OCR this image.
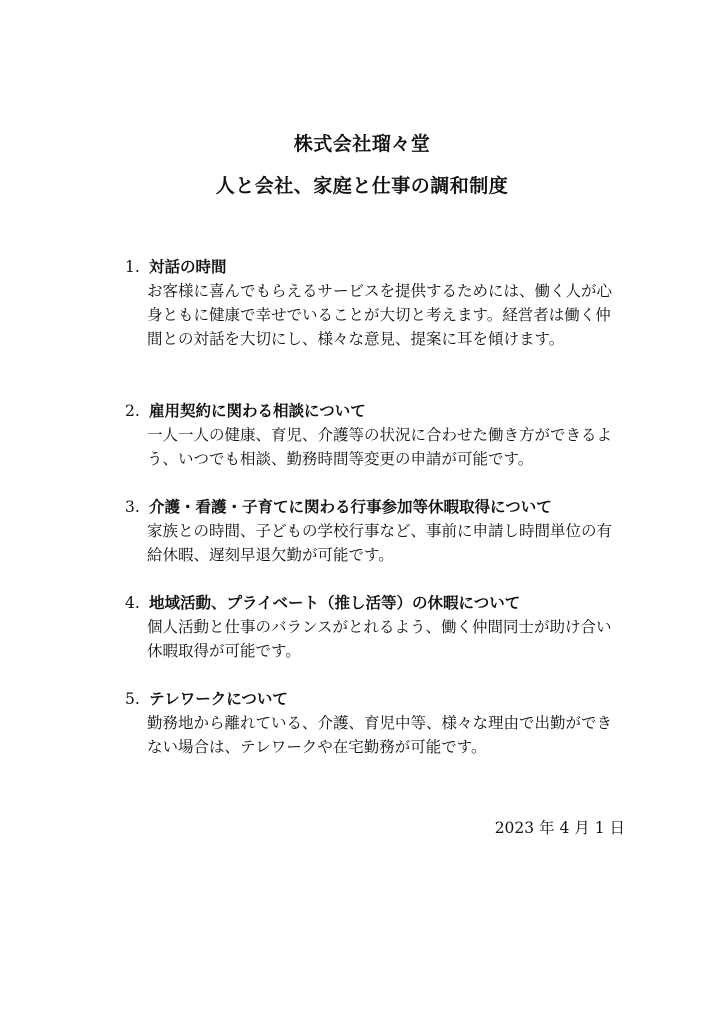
株式会社瑠々堂
人と会社、家庭と仕事の調和制度
1. 対話の時間
お客様に喜んでもらえるサービスを提供するためには、働く人が心身ともに健康で幸せでいることが大切と考えます。経営者は働く仲間との対話を大切にし、様々な意見、提案に耳を傾けます。
2. 雇用契約に関わる相談について
一人一人の健康、育児、介護等の状況に合わせた働き方ができるよう、いつでも相談、勤務時間等変更の申請が可能です。
3. 介護・看護・子育てに関わる行事参加等休暇取得について
家族との時間、子どもの学校行事など、事前に申請し時間単位の有給休暇、遅刻早退欠勤が可能です。
4. 地域活動、プライベート（推し活等）の休暇について
個人活動と仕事のバランスがとれるよう、働く仲間同士が助け合い休暇取得が可能です。
5. テレワークについて
勤務地から離れている、介護、育児中等、様々な理由で出勤ができない場合は、テレワークや在宅勤務が可能です。
2023 年 4 月 1 日
